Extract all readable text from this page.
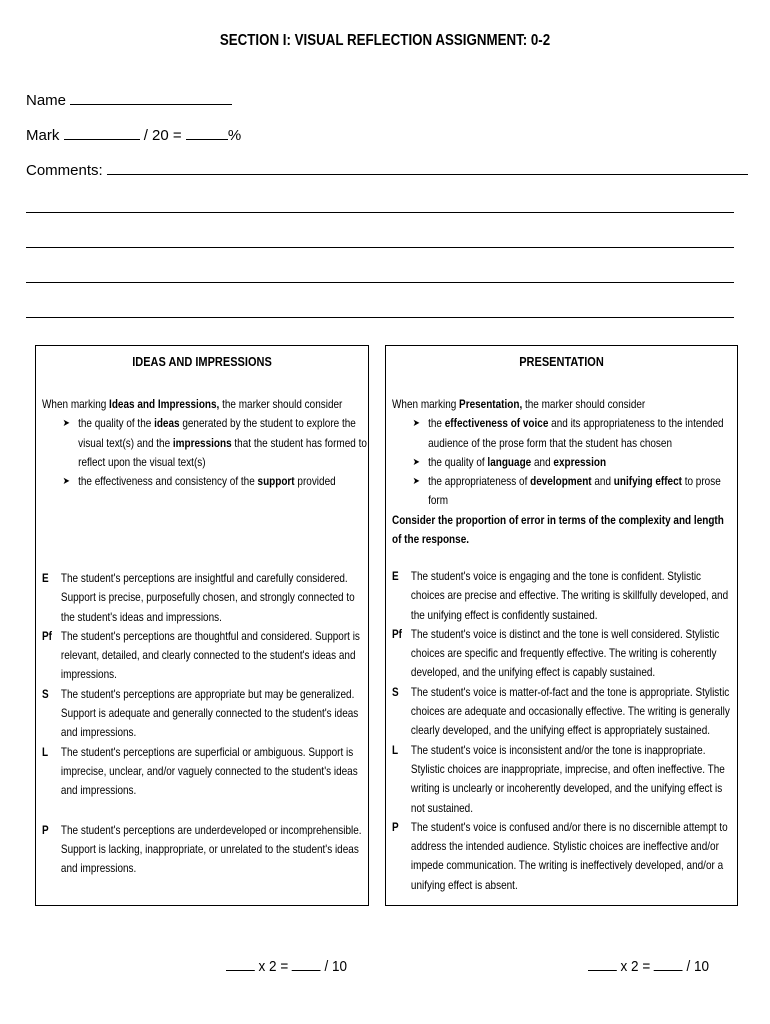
SECTION I: VISUAL REFLECTION ASSIGNMENT: 0-2
Name
Mark	/ 20 =	%
Comments:
IDEAS AND IMPRESSIONS
When marking Ideas and Impressions, the marker should consider
➤ the quality of the ideas generated by the student to explore the
visual text(s) and the impressions that the student has formed to
reflect upon the visual text(s)
➤ the effectiveness and consistency of the support provided
E The student's perceptions are insightful and carefully considered.
Support is precise, purposefully chosen, and strongly connected to
the student's ideas and impressions.
Pf The student's perceptions are thoughtful and considered. Support is
relevant, detailed, and clearly connected to the student's ideas and
impressions.
S The student's perceptions are appropriate but may be generalized.
Support is adequate and generally connected to the student's ideas
and impressions.
L The student's perceptions are superficial or ambiguous. Support is
imprecise, unclear, and/or vaguely connected to the student's ideas
and impressions.
P The student's perceptions are underdeveloped or incomprehensible.
Support is lacking, inappropriate, or unrelated to the student's ideas
and impressions.
PRESENTATION
When marking Presentation, the marker should consider
➤ the effectiveness of voice and its appropriateness to the intended
audience of the prose form that the student has chosen
➤ the quality of language and expression
➤ the appropriateness of development and unifying effect to prose
form
Consider the proportion of error in terms of the complexity and length
of the response.
E The student's voice is engaging and the tone is confident. Stylistic
choices are precise and effective. The writing is skillfully developed, and
the unifying effect is confidently sustained.
Pf The student's voice is distinct and the tone is well considered. Stylistic
choices are specific and frequently effective. The writing is coherently
developed, and the unifying effect is capably sustained.
S The student's voice is matter-of-fact and the tone is appropriate. Stylistic
choices are adequate and occasionally effective. The writing is generally
clearly developed, and the unifying effect is appropriately sustained.
L The student's voice is inconsistent and/or the tone is inappropriate.
Stylistic choices are inappropriate, imprecise, and often ineffective. The
writing is unclearly or incoherently developed, and the unifying effect is
not sustained.
P The student's voice is confused and/or there is no discernible attempt to
address the intended audience. Stylistic choices are ineffective and/or
impede communication. The writing is ineffectively developed, and/or a
unifying effect is absent.
x 2 = / 10	x 2 = / 10
